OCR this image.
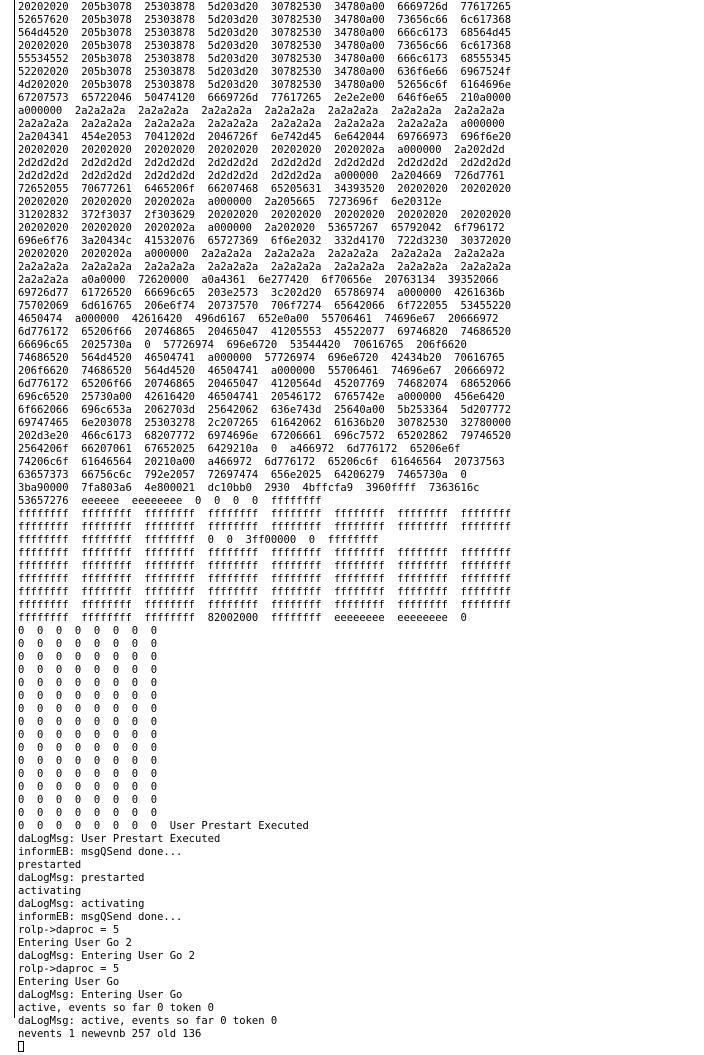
20202020  205b3078  25303878  5d203d20  30782530  34780a00  6669726d  77617265
52657620  205b3078  25303878  5d203d20  30782530  34780a00  73656c66  6c617368
564d4520  205b3078  25303878  5d203d20  30782530  34780a00  666c6173  68564d45
20202020  205b3078  25303878  5d203d20  30782530  34780a00  73656c66  6c617368
55534552  205b3078  25303878  5d203d20  30782530  34780a00  666c6173  68555345
52202020  205b3078  25303878  5d203d20  30782530  34780a00  636f6e66  6967524f
4d202020  205b3078  25303878  5d203d20  30782530  34780a00  52656c6f  6164696e
67207573  65722046  50474120  6669726d  77617265  2e2e2e00  646f6e65  210a0000
a000000  2a2a2a2a  2a2a2a2a  2a2a2a2a  2a2a2a2a  2a2a2a2a  2a2a2a2a  2a2a2a2a
2a2a2a2a  2a2a2a2a  2a2a2a2a  2a2a2a2a  2a2a2a2a  2a2a2a2a  2a2a2a2a  a000000
2a204341  454e2053  7041202d  2046726f  6e742d45  6e642044  69766973  696f6e20
20202020  20202020  20202020  20202020  20202020  2020202a  a000000  2a202d2d
2d2d2d2d  2d2d2d2d  2d2d2d2d  2d2d2d2d  2d2d2d2d  2d2d2d2d  2d2d2d2d  2d2d2d2d
2d2d2d2d  2d2d2d2d  2d2d2d2d  2d2d2d2d  2d2d2d2a  a000000  2a204669  726d7761
72652055  70677261  6465206f  66207468  65205631  34393520  20202020  20202020
20202020  20202020  2020202a  a000000  2a205665  7273696f  6e20312e
31202832  372f3037  2f303629  20202020  20202020  20202020  20202020  20202020
20202020  20202020  2020202a  a000000  2a202020  53657267  65792042  6f796172
696e6f76  3a20434c  41532076  65727369  6f6e2032  332d4170  722d3230  30372020
20202020  2020202a  a000000  2a2a2a2a  2a2a2a2a  2a2a2a2a  2a2a2a2a  2a2a2a2a
2a2a2a2a  2a2a2a2a  2a2a2a2a  2a2a2a2a  2a2a2a2a  2a2a2a2a  2a2a2a2a  2a2a2a2a
2a2a2a2a  a0a0000  72620000  a0a4361  6e277420  6f70656e  20763134  39352066
69726d77  61726520  66696c65  203e2573  3c202d20  65786974  a000000  4261636b
75702069  6d616765  206e6f74  20737570  706f7274  65642066  6f722055  53455220
4650474  a000000  42616420  496d6167  652e0a00  55706461  74696e67  20666972
6d776172  65206f66  20746865  20465047  41205553  45522077  69746820  74686520
66696c65  2025730a  0  57726974  696e6720  53544420  70616765  206f6620
74686520  564d4520  46504741  a000000  57726974  696e6720  42434b20  70616765
206f6620  74686520  564d4520  46504741  a000000  55706461  74696e67  20666972
6d776172  65206f66  20746865  20465047  4120564d  45207769  74682074  68652066
696c6520  25730a00  42616420  46504741  20546172  6765742e  a000000  456e6420
6f662066  696c653a  2062703d  25642062  636e743d  25640a00  5b253364  5d207772
69747465  6e203078  25303278  2c207265  61642062  61636b20  30782530  32780000
202d3e20  466c6173  68207772  6974696e  67206661  696c7572  65202862  79746520
2564206f  66207061  67652025  6429210a  0  a466972  6d776172  65206e6f
74206c6f  61646564  20210a00  a466972  6d776172  65206c6f  61646564  20737563
63657373  66756c6c  792e2057  72697474  656e2025  64206279  7465730a  0
3ba90000  7fa803a6  4e800021  dc10bb0  2930  4bffcfa9  3960ffff  7363616c
53657276  eeeeee  eeeeeeee  0  0  0  0  ffffffff
ffffffff  ffffffff  ffffffff  ffffffff  ffffffff  ffffffff  ffffffff  ffffffff
ffffffff  ffffffff  ffffffff  ffffffff  ffffffff  ffffffff  ffffffff  ffffffff
ffffffff  ffffffff  ffffffff  0  0  3ff00000  0  ffffffff
ffffffff  ffffffff  ffffffff  ffffffff  ffffffff  ffffffff  ffffffff  ffffffff
ffffffff  ffffffff  ffffffff  ffffffff  ffffffff  ffffffff  ffffffff  ffffffff
ffffffff  ffffffff  ffffffff  ffffffff  ffffffff  ffffffff  ffffffff  ffffffff
ffffffff  ffffffff  ffffffff  ffffffff  ffffffff  ffffffff  ffffffff  ffffffff
ffffffff  ffffffff  ffffffff  ffffffff  ffffffff  ffffffff  ffffffff  ffffffff
ffffffff  ffffffff  ffffffff  82002000  ffffffff  eeeeeeee  eeeeeeee  0
0  0  0  0  0  0  0  0
0  0  0  0  0  0  0  0
0  0  0  0  0  0  0  0
0  0  0  0  0  0  0  0
0  0  0  0  0  0  0  0
0  0  0  0  0  0  0  0
0  0  0  0  0  0  0  0
0  0  0  0  0  0  0  0
0  0  0  0  0  0  0  0
0  0  0  0  0  0  0  0
0  0  0  0  0  0  0  0
0  0  0  0  0  0  0  0
0  0  0  0  0  0  0  0
0  0  0  0  0  0  0  0
0  0  0  0  0  0  0  0
0  0  0  0  0  0  0  0  User Prestart Executed
daLogMsg: User Prestart Executed
informEB: msgQSend done...
prestarted
daLogMsg: prestarted
activating
daLogMsg: activating
informEB: msgQSend done...
rolp->daproc = 5
Entering User Go 2
daLogMsg: Entering User Go 2
rolp->daproc = 5
Entering User Go
daLogMsg: Entering User Go
active, events so far 0 token 0
daLogMsg: active, events so far 0 token 0
nevents 1 newevnb 257 old 136
